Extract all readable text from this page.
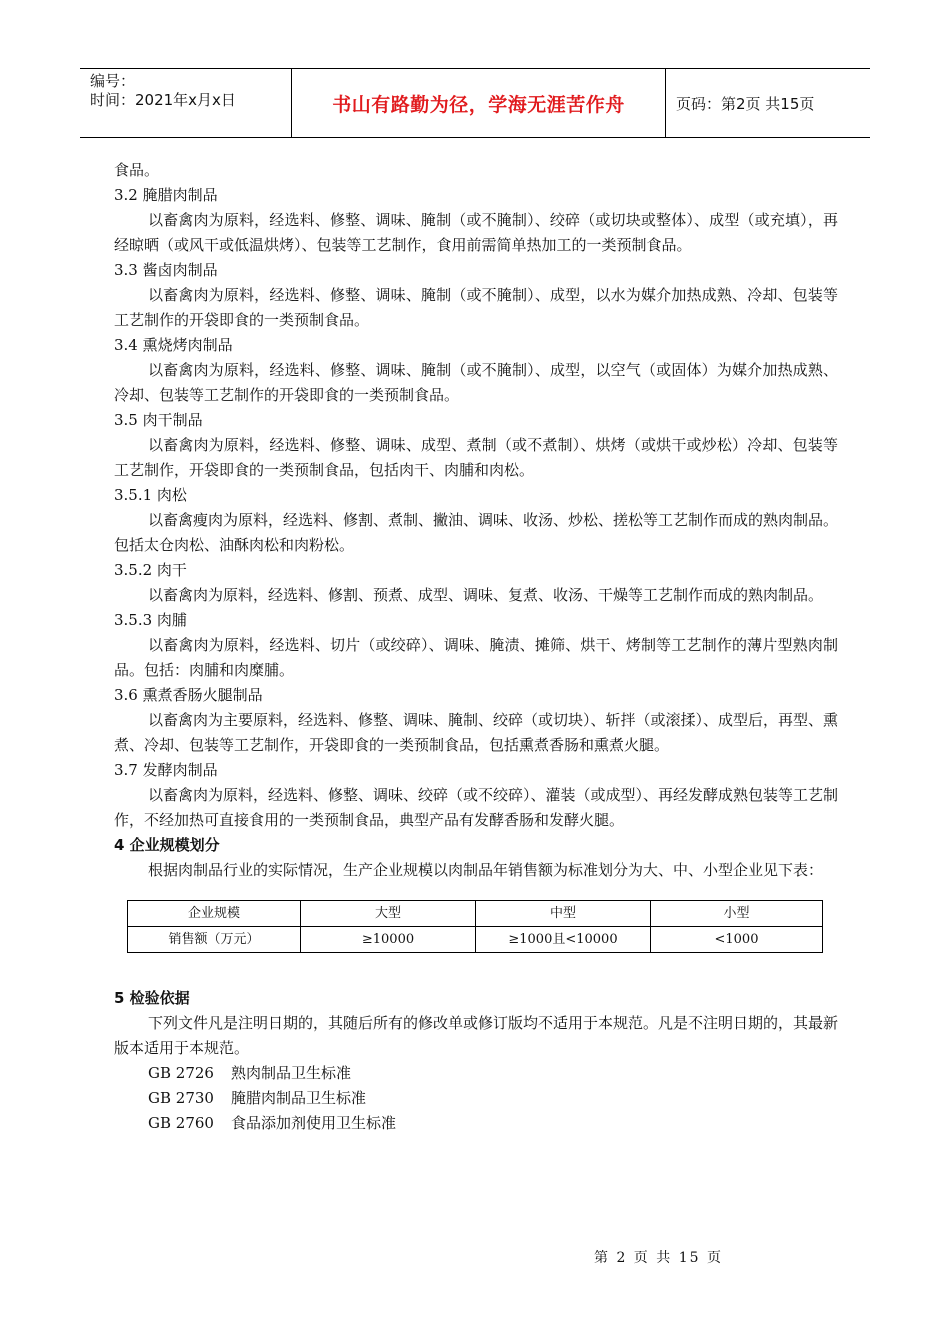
编号：
时间：2021年x月x日	书山有路勤为径，学海无涯苦作舟	页码：第2页 共15页

食品。

3.2 腌腊肉制品

以畜禽肉为原料，经选料、修整、调味、腌制（或不腌制）、绞碎（或切块或整体）、成型（或充填），再经晾晒（或风干或低温烘烤）、包装等工艺制作，食用前需简单热加工的一类预制食品。

3.3 酱卤肉制品

以畜禽肉为原料，经选料、修整、调味、腌制（或不腌制）、成型，以水为媒介加热成熟、冷却、包装等工艺制作的开袋即食的一类预制食品。

3.4 熏烧烤肉制品

以畜禽肉为原料，经选料、修整、调味、腌制（或不腌制）、成型，以空气（或固体）为媒介加热成熟、冷却、包装等工艺制作的开袋即食的一类预制食品。

3.5 肉干制品

以畜禽肉为原料，经选料、修整、调味、成型、煮制（或不煮制）、烘烤（或烘干或炒松）冷却、包装等工艺制作，开袋即食的一类预制食品，包括肉干、肉脯和肉松。

3.5.1 肉松

以畜禽瘦肉为原料，经选料、修割、煮制、撇油、调味、收汤、炒松、搓松等工艺制作而成的熟肉制品。包括太仓肉松、油酥肉松和肉粉松。

3.5.2 肉干

以畜禽肉为原料，经选料、修割、预煮、成型、调味、复煮、收汤、干燥等工艺制作而成的熟肉制品。

3.5.3 肉脯

以畜禽肉为原料，经选料、切片（或绞碎）、调味、腌渍、摊筛、烘干、烤制等工艺制作的薄片型熟肉制品。包括：肉脯和肉糜脯。

3.6 熏煮香肠火腿制品

以畜禽肉为主要原料，经选料、修整、调味、腌制、绞碎（或切块）、斩拌（或滚揉）、成型后，再型、熏煮、冷却、包装等工艺制作，开袋即食的一类预制食品，包括熏煮香肠和熏煮火腿。

3.7 发酵肉制品

以畜禽肉为原料，经选料、修整、调味、绞碎（或不绞碎）、灌装（或成型）、再经发酵成熟包装等工艺制作，不经加热可直接食用的一类预制食品，典型产品有发酵香肠和发酵火腿。

4 企业规模划分

根据肉制品行业的实际情况，生产企业规模以肉制品年销售额为标准划分为大、中、小型企业见下表：

企业规模	大型	中型	小型
销售额（万元）	≥10000	≥1000且<10000	<1000

5 检验依据

下列文件凡是注明日期的，其随后所有的修改单或修订版均不适用于本规范。凡是不注明日期的，其最新版本适用于本规范。

GB 2726 熟肉制品卫生标准

GB 2730 腌腊肉制品卫生标准

GB 2760 食品添加剂使用卫生标准

第 2 页 共 15 页
